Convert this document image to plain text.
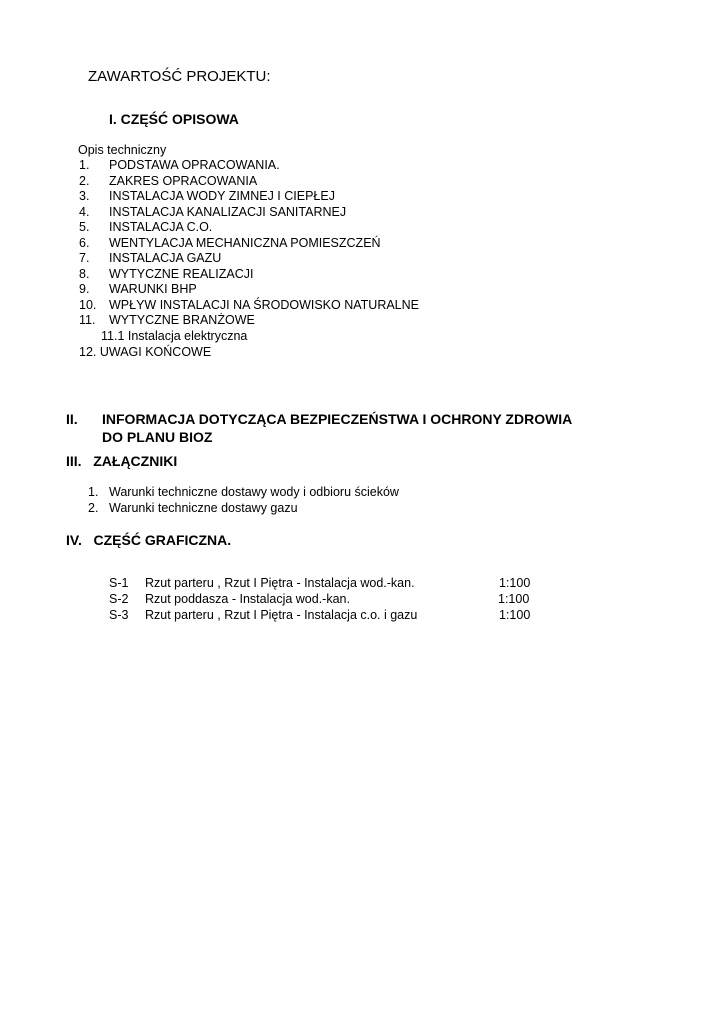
ZAWARTOŚĆ PROJEKTU:
I. CZĘŚĆ OPISOWA
Opis techniczny
1. PODSTAWA OPRACOWANIA.
2. ZAKRES OPRACOWANIA
3. INSTALACJA WODY ZIMNEJ I CIEPŁEJ
4. INSTALACJA KANALIZACJI SANITARNEJ
5. INSTALACJA C.O.
6. WENTYLACJA MECHANICZNA POMIESZCZEŃ
7. INSTALACJA GAZU
8. WYTYCZNE REALIZACJI
9. WARUNKI BHP
10. WPŁYW INSTALACJI NA ŚRODOWISKO NATURALNE
11. WYTYCZNE BRANŻOWE
11.1 Instalacja elektryczna
12. UWAGI KOŃCOWE
II. INFORMACJA DOTYCZĄCA BEZPIECZEŃSTWA I OCHRONY ZDROWIA
DO PLANU BIOZ
III.   ZAŁĄCZNIKI
1. Warunki techniczne dostawy wody i odbioru ścieków
2. Warunki techniczne dostawy gazu
IV.   CZĘŚĆ GRAFICZNA.
S-1 Rzut parteru , Rzut I Piętra - Instalacja wod.-kan.	1:100
S-2 Rzut poddasza - Instalacja wod.-kan.	1:100
S-3 Rzut parteru , Rzut I Piętra - Instalacja c.o. i gazu	1:100
